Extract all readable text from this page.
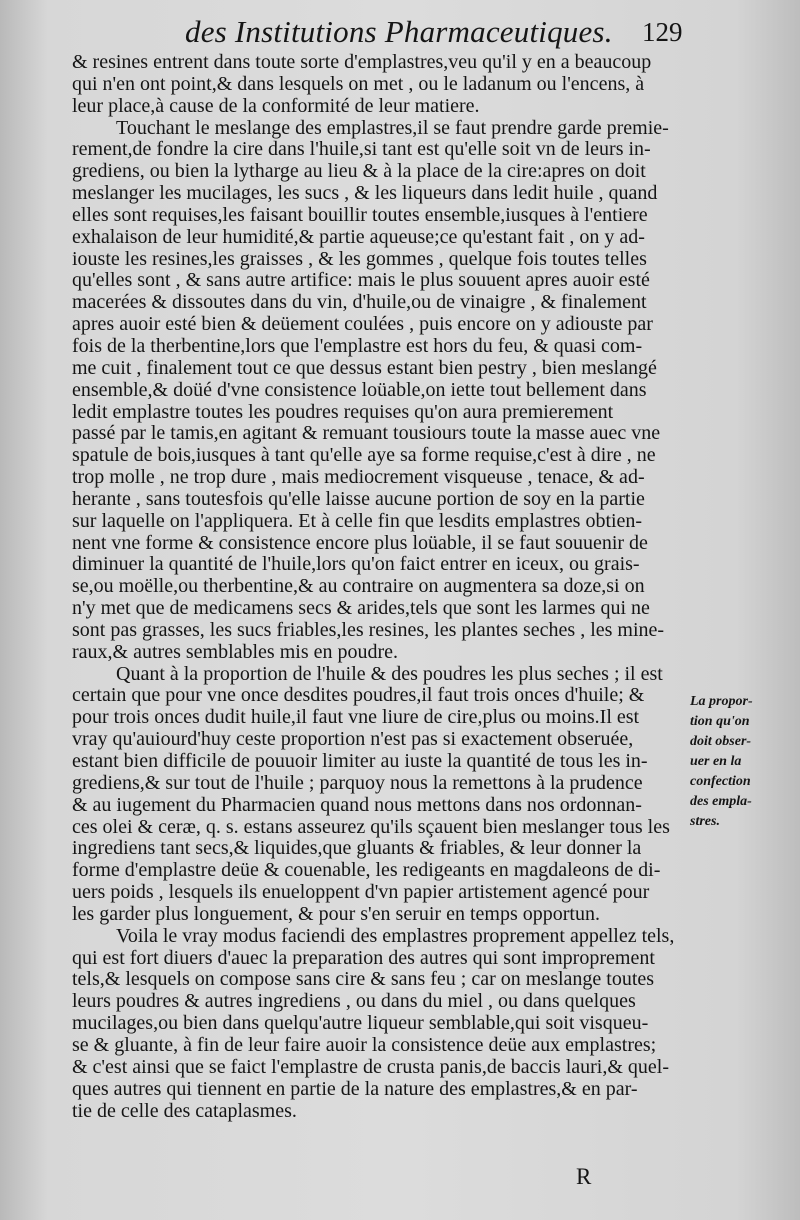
des Institutions Pharmaceutiques. 129
& resines entrent dans toute sorte d'emplastres,veu qu'il y en a beaucoup
qui n'en ont point,& dans lesquels on met , ou le ladanum ou l'encens, à
leur place,à cause de la conformité de leur matiere.
Touchant le meslange des emplastres,il se faut prendre garde premie-
rement,de fondre la cire dans l'huile,si tant est qu'elle soit vn de leurs in-
grediens, ou bien la lytharge au lieu & à la place de la cire:apres on doit
meslanger les mucilages, les sucs , & les liqueurs dans ledit huile , quand
elles sont requises,les faisant bouillir toutes ensemble,iusques à l'entiere
exhalaison de leur humidité,& partie aqueuse;ce qu'estant fait , on y ad-
iouste les resines,les graisses , & les gommes , quelque fois toutes telles
qu'elles sont , & sans autre artifice: mais le plus souuent apres auoir esté
macerées & dissoutes dans du vin, d'huile,ou de vinaigre , & finalement
apres auoir esté bien & deüement coulées , puis encore on y adiouste par
fois de la therbentine,lors que l'emplastre est hors du feu, & quasi com-
me cuit , finalement tout ce que dessus estant bien pestry , bien meslangé
ensemble,& doüé d'vne consistence loüable,on iette tout bellement dans
ledit emplastre toutes les poudres requises qu'on aura premierement
passé par le tamis,en agitant & remuant tousiours toute la masse auec vne
spatule de bois,iusques à tant qu'elle aye sa forme requise,c'est à dire , ne
trop molle , ne trop dure , mais mediocrement visqueuse , tenace, & ad-
herante , sans toutesfois qu'elle laisse aucune portion de soy en la partie
sur laquelle on l'appliquera. Et à celle fin que lesdits emplastres obtien-
nent vne forme & consistence encore plus loüable, il se faut souuenir de
diminuer la quantité de l'huile,lors qu'on faict entrer en iceux, ou grais-
se,ou moëlle,ou therbentine,& au contraire on augmentera sa doze,si on
n'y met que de medicamens secs & arides,tels que sont les larmes qui ne
sont pas grasses, les sucs friables,les resines, les plantes seches , les mine-
raux,& autres semblables mis en poudre.
Quant à la proportion de l'huile & des poudres les plus seches ; il est
certain que pour vne once desdites poudres,il faut trois onces d'huile; &
pour trois onces dudit huile,il faut vne liure de cire,plus ou moins.Il est
vray qu'auiourd'huy ceste proportion n'est pas si exactement obseruée,
estant bien difficile de pouuoir limiter au iuste la quantité de tous les in-
grediens,& sur tout de l'huile ; parquoy nous la remettons à la prudence
& au iugement du Pharmacien quand nous mettons dans nos ordonnan-
ces olei & ceræ, q. s. estans asseurez qu'ils sçauent bien meslanger tous les
ingrediens tant secs,& liquides,que gluants & friables, & leur donner la
forme d'emplastre deüe & couenable, les redigeants en magdaleons de di-
uers poids , lesquels ils enueloppent d'vn papier artistement agencé pour
les garder plus longuement, & pour s'en seruir en temps opportun.
Voila le vray modus faciendi des emplastres proprement appellez tels,
qui est fort diuers d'auec la preparation des autres qui sont improprement
tels,& lesquels on compose sans cire & sans feu ; car on meslange toutes
leurs poudres & autres ingrediens , ou dans du miel , ou dans quelques
mucilages,ou bien dans quelqu'autre liqueur semblable,qui soit visqueu-
se & gluante, à fin de leur faire auoir la consistence deüe aux emplastres;
& c'est ainsi que se faict l'emplastre de crusta panis,de baccis lauri,& quel-
ques autres qui tiennent en partie de la nature des emplastres,& en par-
tie de celle des cataplasmes.
La propor-
tion qu'on
doit obser-
uer en la
confection
des empla-
stres.
R
